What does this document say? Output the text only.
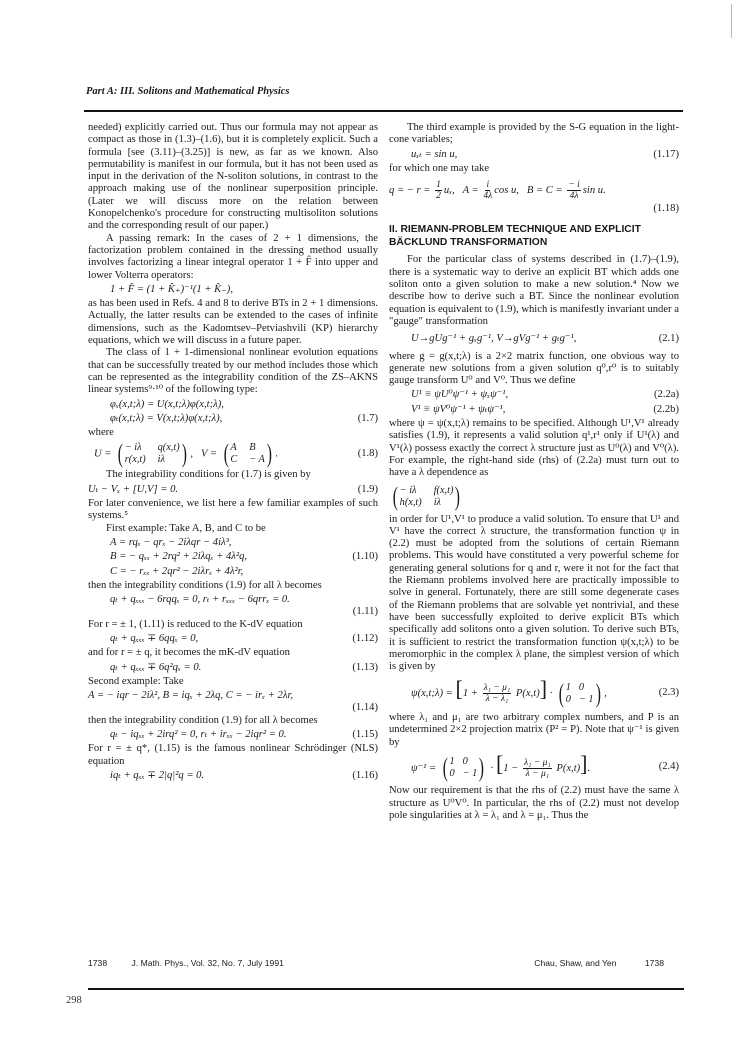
Part A: III. Solitons and Mathematical Physics

needed) explicitly carried out. Thus our formula may not appear as compact as those in (1.3)–(1.6), but it is completely explicit. Such a formula [see (3.11)–(3.25)] is new, as far as we known. Also permutability is manifest in our formula, but it has not been used as input in the derivation of the N-soliton solutions, in contrast to the approach making use of the nonlinear superposition principle. (Later we will discuss more on the relation between Konopelchenko's procedure for constructing multisoliton solutions and the corresponding result of our paper.)

A passing remark: In the cases of 2 + 1 dimensions, the factorization problem contained in the dressing method usually involves factorizing a linear integral operator 1 + F̂ into upper and lower Volterra operators:

1 + F̂ = (1 + K̂₊)⁻¹(1 + K̂₋),

as has been used in Refs. 4 and 8 to derive BTs in 2 + 1 dimensions. Actually, the latter results can be extended to the cases of infinite dimensions, such as the Kadomtsev–Petviashvili (KP) hierarchy equations, which we will discuss in a future paper.

The class of 1 + 1-dimensional nonlinear evolution equations that can be successfully treated by our method includes those which can be represented as the integrability condition of the ZS–AKNS linear systems⁹·¹⁰ of the following type:

φₓ(x,t;λ) = U(x,t;λ)φ(x,t;λ),
φₜ(x,t;λ) = V(x,t;λ)φ(x,t;λ),	(1.7)

where

U = ( − iλ	q(x,t)
r(x,t) iλ ) ,   V = ( A B
C − A ) .	(1.8)

The integrability conditions for (1.7) is given by

Uₜ − Vₓ + [U,V] = 0.	(1.9)

For later convenience, we list here a few familiar examples of such systems.⁵

First example: Take A, B, and C to be

A = rqₓ − qrₓ − 2iλqr − 4iλ³,
B = − qₓₓ + 2rq² + 2iλqₓ + 4λ²q,	(1.10)
C = − rₓₓ + 2qr² − 2iλrₓ + 4λ²r,

then the integrability conditions (1.9) for all λ becomes

qₜ + qₓₓₓ − 6rqqₓ = 0, rₜ + rₓₓₓ − 6qrrₓ = 0.
(1.11)

For r = ± 1, (1.11) is reduced to the K-dV equation

qₜ + qₓₓₓ ∓ 6qqₓ = 0,	(1.12)

and for r = ± q, it becomes the mK-dV equation

qₜ + qₓₓₓ ∓ 6q²qₓ = 0.	(1.13)

Second example: Take

A = − iqr − 2iλ², B = iqₓ + 2λq, C = − irₓ + 2λr,
(1.14)

then the integrability condition (1.9) for all λ becomes

qₜ − iqₓₓ + 2irq² = 0, rₜ + irₓₓ − 2iqr² = 0.	(1.15)

For r = ± q*, (1.15) is the famous nonlinear Schrödinger (NLS) equation

iqₜ + qₓₓ ∓ 2|q|²q = 0.	(1.16)

The third example is provided by the S-G equation in the light-cone variables;

uₓₜ = sin u,	(1.17)

for which one may take

q = − $r = \frac{1}{2} u_x$, $A = \frac{i}{4\lambda}$ cos u, $B = C = \frac{- i}{4\lambda}$ sin u.
(1.18)
II. RIEMANN-PROBLEM TECHNIQUE AND EXPLICIT BÄCKLUND TRANSFORMATION

For the particular class of systems described in (1.7)–(1.9), there is a systematic way to derive an explicit BT which adds one soliton onto a given solution to make a new solution.⁴ Now we describe how to derive such a BT. Since the nonlinear evolution equation is equivalent to (1.9), which is manifestly invariant under a "gauge" transformation

U→gUg⁻¹ + gₓg⁻¹, V→gVg⁻¹ + gₜg⁻¹,	(2.1)

where g = g(x,t;λ) is a 2×2 matrix function, one obvious way to generate new solutions from a given solution q⁰,r⁰ is to suitably gauge transform U⁰ and V⁰. Thus we define

U¹ ≡ ψU⁰ψ⁻¹ + ψₓψ⁻¹,	(2.2a)
V¹ ≡ ψV⁰ψ⁻¹ + ψₜψ⁻¹,	(2.2b)

where ψ = ψ(x,t;λ) remains to be specified. Although U¹,V¹ already satisfies (1.9), it represents a valid solution q¹,r¹ only if U¹(λ) and V¹(λ) possess exactly the correct λ structure just as U⁰(λ) and V⁰(λ). For example, the right-hand side (rhs) of (2.2a) must turn out to have a λ dependence as

( − iλ	f(x,t)
h(x,t) iλ )

in order for U¹,V¹ to produce a valid solution. To ensure that U¹ and V¹ have the correct λ structure, the transformation function ψ in (2.2) must be adopted from the solutions of certain Riemann problems. This would have constituted a very powerful scheme for generating general solutions for q and r, were it not for the fact that the Riemann problems involved here are practically impossible to solve in general. Fortunately, there are still some degenerate cases of the Riemann problems that are solvable yet nontrivial, and these have been successfully exploited to derive explicit BTs which specifically add solitons onto a given solution. To derive such BTs, it is sufficient to restrict the transformation function ψ(x,t;λ) to be meromorphic in the complex λ plane, the simplest version of which is given by

ψ(x,t;λ) = $[1 + \frac{\text{λ₁ − μ₁}}{\text{λ − λ₁}} P(x,t)]$ · ( 1 0
0 − 1 ) ,	(2.3)

where λ₁ and μ₁ are two arbitrary complex numbers, and P is an undetermined 2×2 projection matrix (P² = P). Note that ψ⁻¹ is given by

ψ⁻¹ = ( 1 0
0 − 1 ) · $[1 - \frac{\text{λ₁ − μ₁}}{\text{λ − μ₁}} P(x,t)]$.	(2.4)

Now our requirement is that the rhs of (2.2) must have the same λ structure as U⁰V⁰. In particular, the rhs of (2.2) must not develop pole singularities at λ = λ₁ and λ = μ₁. Thus the

1738	J. Math. Phys., Vol. 32, No. 7, July 1991	Chau, Shaw, and Yen	1738
298
